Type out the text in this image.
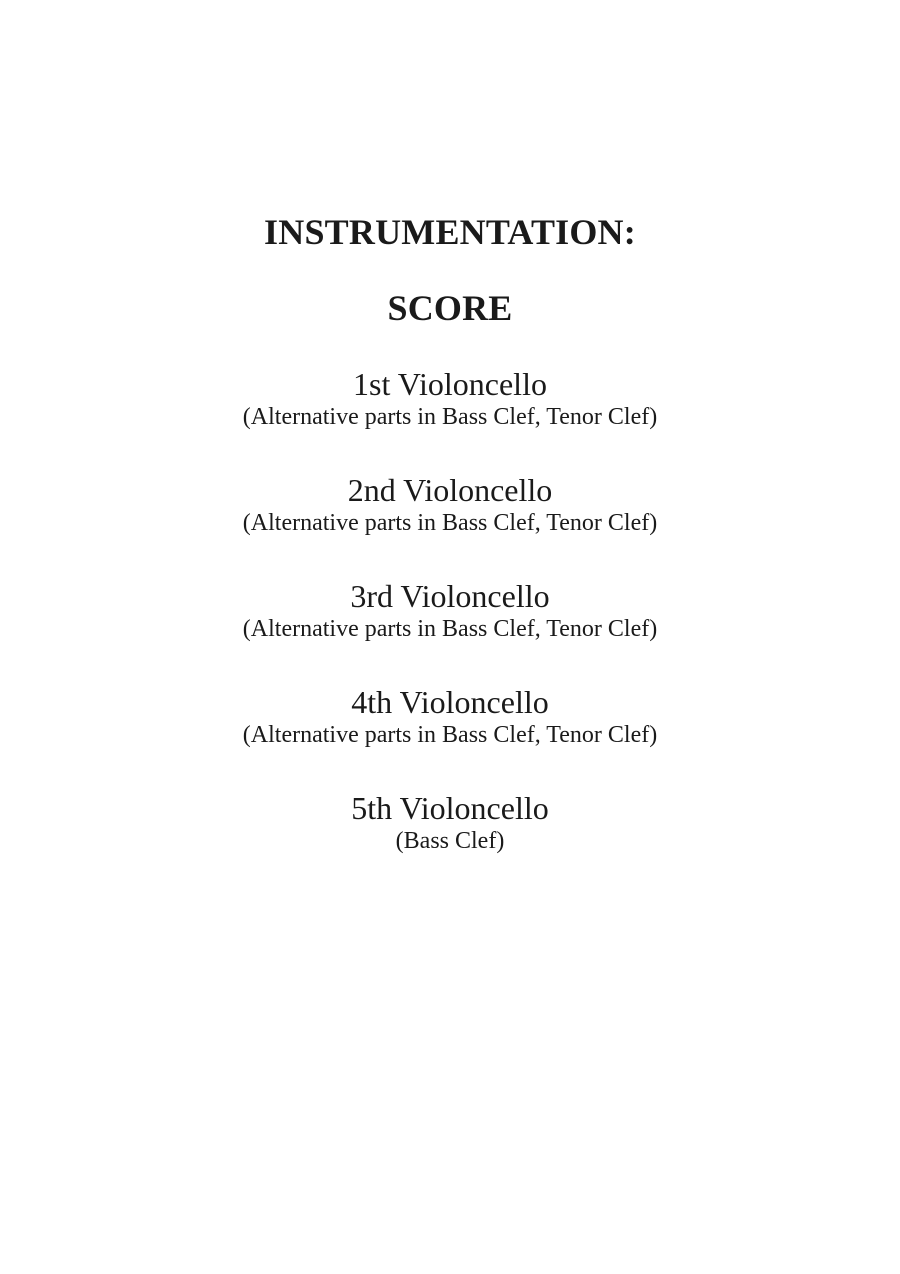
INSTRUMENTATION:
SCORE
1st Violoncello
(Alternative parts in Bass Clef, Tenor Clef)
2nd Violoncello
(Alternative parts in Bass Clef, Tenor Clef)
3rd Violoncello
(Alternative parts in Bass Clef, Tenor Clef)
4th Violoncello
(Alternative parts in Bass Clef, Tenor Clef)
5th Violoncello
(Bass Clef)
